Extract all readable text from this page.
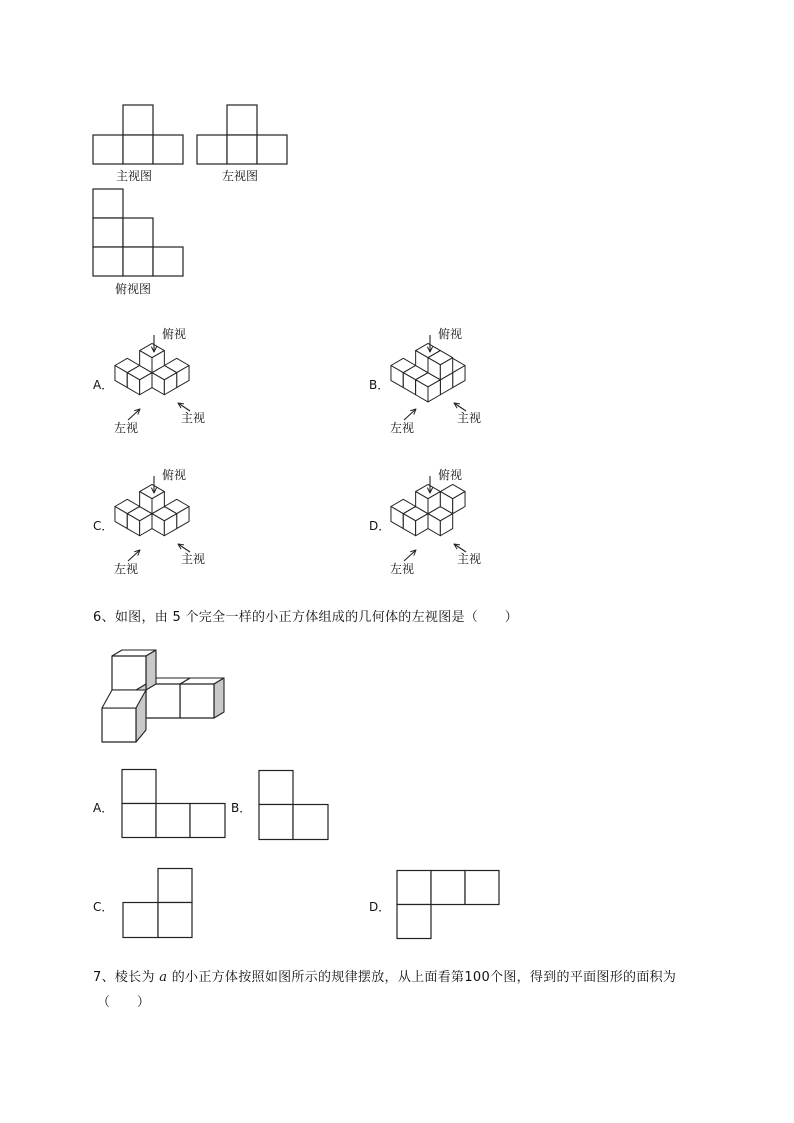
主视图	左视图
俯视图
A．
俯视
左视
主视
B．
俯视
左视
主视
C．
俯视
左视
主视
D．
俯视
左视
主视
6、如图，由 5 个完全一样的小正方体组成的几何体的左视图是（　　）
A．	B．
C．	D．
7、棱长为 a 的小正方体按照如图所示的规律摆放，从上面看第100个图，得到的平面图形的面积为
（　　）
